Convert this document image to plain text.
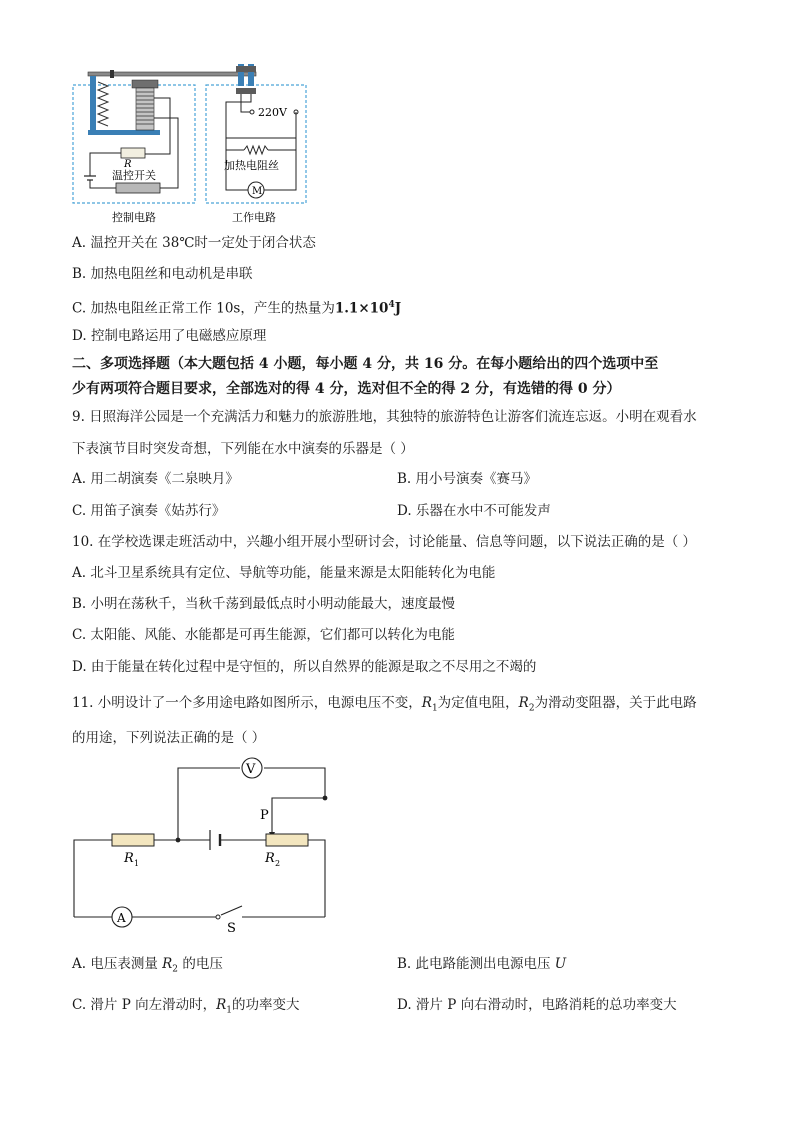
R
温控开关
220V
加热电阻丝
M
控制电路	工作电路
A. 温控开关在 38℃时一定处于闭合状态
B. 加热电阻丝和电动机是串联
C. 加热电阻丝正常工作 10s，产生的热量为$1.1\times 10^4J$
D. 控制电路运用了电磁感应原理
二、多项选择题（本大题包括 4 小题，每小题 4 分，共 16 分。在每小题给出的四个选项中至
少有两项符合题目要求，全部选对的得 4 分，选对但不全的得 2 分，有选错的得 0 分）
9. 日照海洋公园是一个充满活力和魅力的旅游胜地，其独特的旅游特色让游客们流连忘返。小明在观看水
下表演节目时突发奇想，下列能在水中演奏的乐器是（ ）
A. 用二胡演奏《二泉映月》	B. 用小号演奏《赛马》
C. 用笛子演奏《姑苏行》	D. 乐器在水中不可能发声
10. 在学校选课走班活动中，兴趣小组开展小型研讨会，讨论能量、信息等问题，以下说法正确的是（ ）
A. 北斗卫星系统具有定位、导航等功能，能量来源是太阳能转化为电能
B. 小明在荡秋千，当秋千荡到最低点时小明动能最大，速度最慢
C. 太阳能、风能、水能都是可再生能源，它们都可以转化为电能
D. 由于能量在转化过程中是守恒的，所以自然界的能源是取之不尽用之不竭的
11. 小明设计了一个多用途电路如图所示，电源电压不变，$R_1$为定值电阻，$R_2$为滑动变阻器，关于此电路
的用途，下列说法正确的是（ ）
V
A
P
R 1	R 2
S
A. 电压表测量 $R_2$ 的电压	B. 此电路能测出电源电压 U
C. 滑片 P 向左滑动时，$R_1$的功率变大	D. 滑片 P 向右滑动时，电路消耗的总功率变大
